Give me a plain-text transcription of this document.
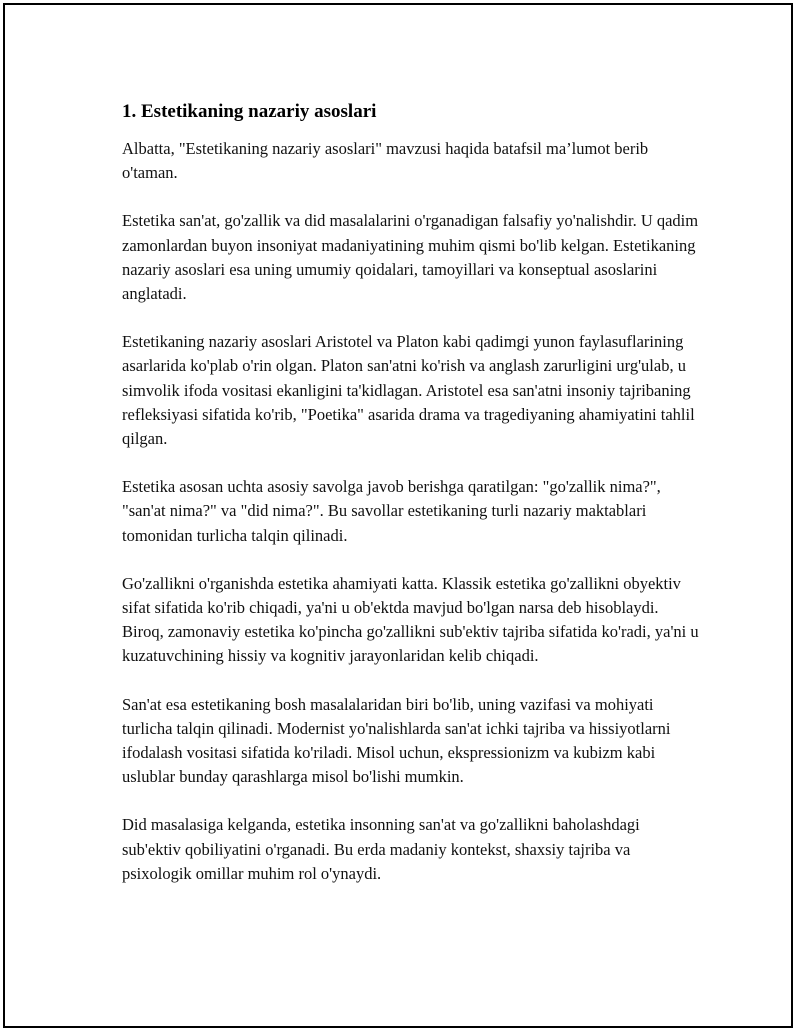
1. Estetikaning nazariy asoslari

Albatta, "Estetikaning nazariy asoslari" mavzusi haqida batafsil ma’lumot berib o'taman.

Estetika san'at, go'zallik va did masalalarini o'rganadigan falsafiy yo'nalishdir. U qadim zamonlardan buyon insoniyat madaniyatining muhim qismi bo'lib kelgan. Estetikaning nazariy asoslari esa uning umumiy qoidalari, tamoyillari va konseptual asoslarini anglatadi.

Estetikaning nazariy asoslari Aristotel va Platon kabi qadimgi yunon faylasuflarining asarlarida ko'plab o'rin olgan. Platon san'atni ko'rish va anglash zarurligini urg'ulab, u simvolik ifoda vositasi ekanligini ta'kidlagan. Aristotel esa san'atni insoniy tajribaning refleksiyasi sifatida ko'rib, "Poetika" asarida drama va tragediyaning ahamiyatini tahlil qilgan.

Estetika asosan uchta asosiy savolga javob berishga qaratilgan: "go'zallik nima?", "san'at nima?" va "did nima?". Bu savollar estetikaning turli nazariy maktablari tomonidan turlicha talqin qilinadi.

Go'zallikni o'rganishda estetika ahamiyati katta. Klassik estetika go'zallikni obyektiv sifat sifatida ko'rib chiqadi, ya'ni u ob'ektda mavjud bo'lgan narsa deb hisoblaydi. Biroq, zamonaviy estetika ko'pincha go'zallikni sub'ektiv tajriba sifatida ko'radi, ya'ni u kuzatuvchining hissiy va kognitiv jarayonlaridan kelib chiqadi.

San'at esa estetikaning bosh masalalaridan biri bo'lib, uning vazifasi va mohiyati turlicha talqin qilinadi. Modernist yo'nalishlarda san'at ichki tajriba va hissiyotlarni ifodalash vositasi sifatida ko'riladi. Misol uchun, ekspressionizm va kubizm kabi uslublar bunday qarashlarga misol bo'lishi mumkin.

Did masalasiga kelganda, estetika insonning san'at va go'zallikni baholashdagi sub'ektiv qobiliyatini o'rganadi. Bu erda madaniy kontekst, shaxsiy tajriba va psixologik omillar muhim rol o'ynaydi.
